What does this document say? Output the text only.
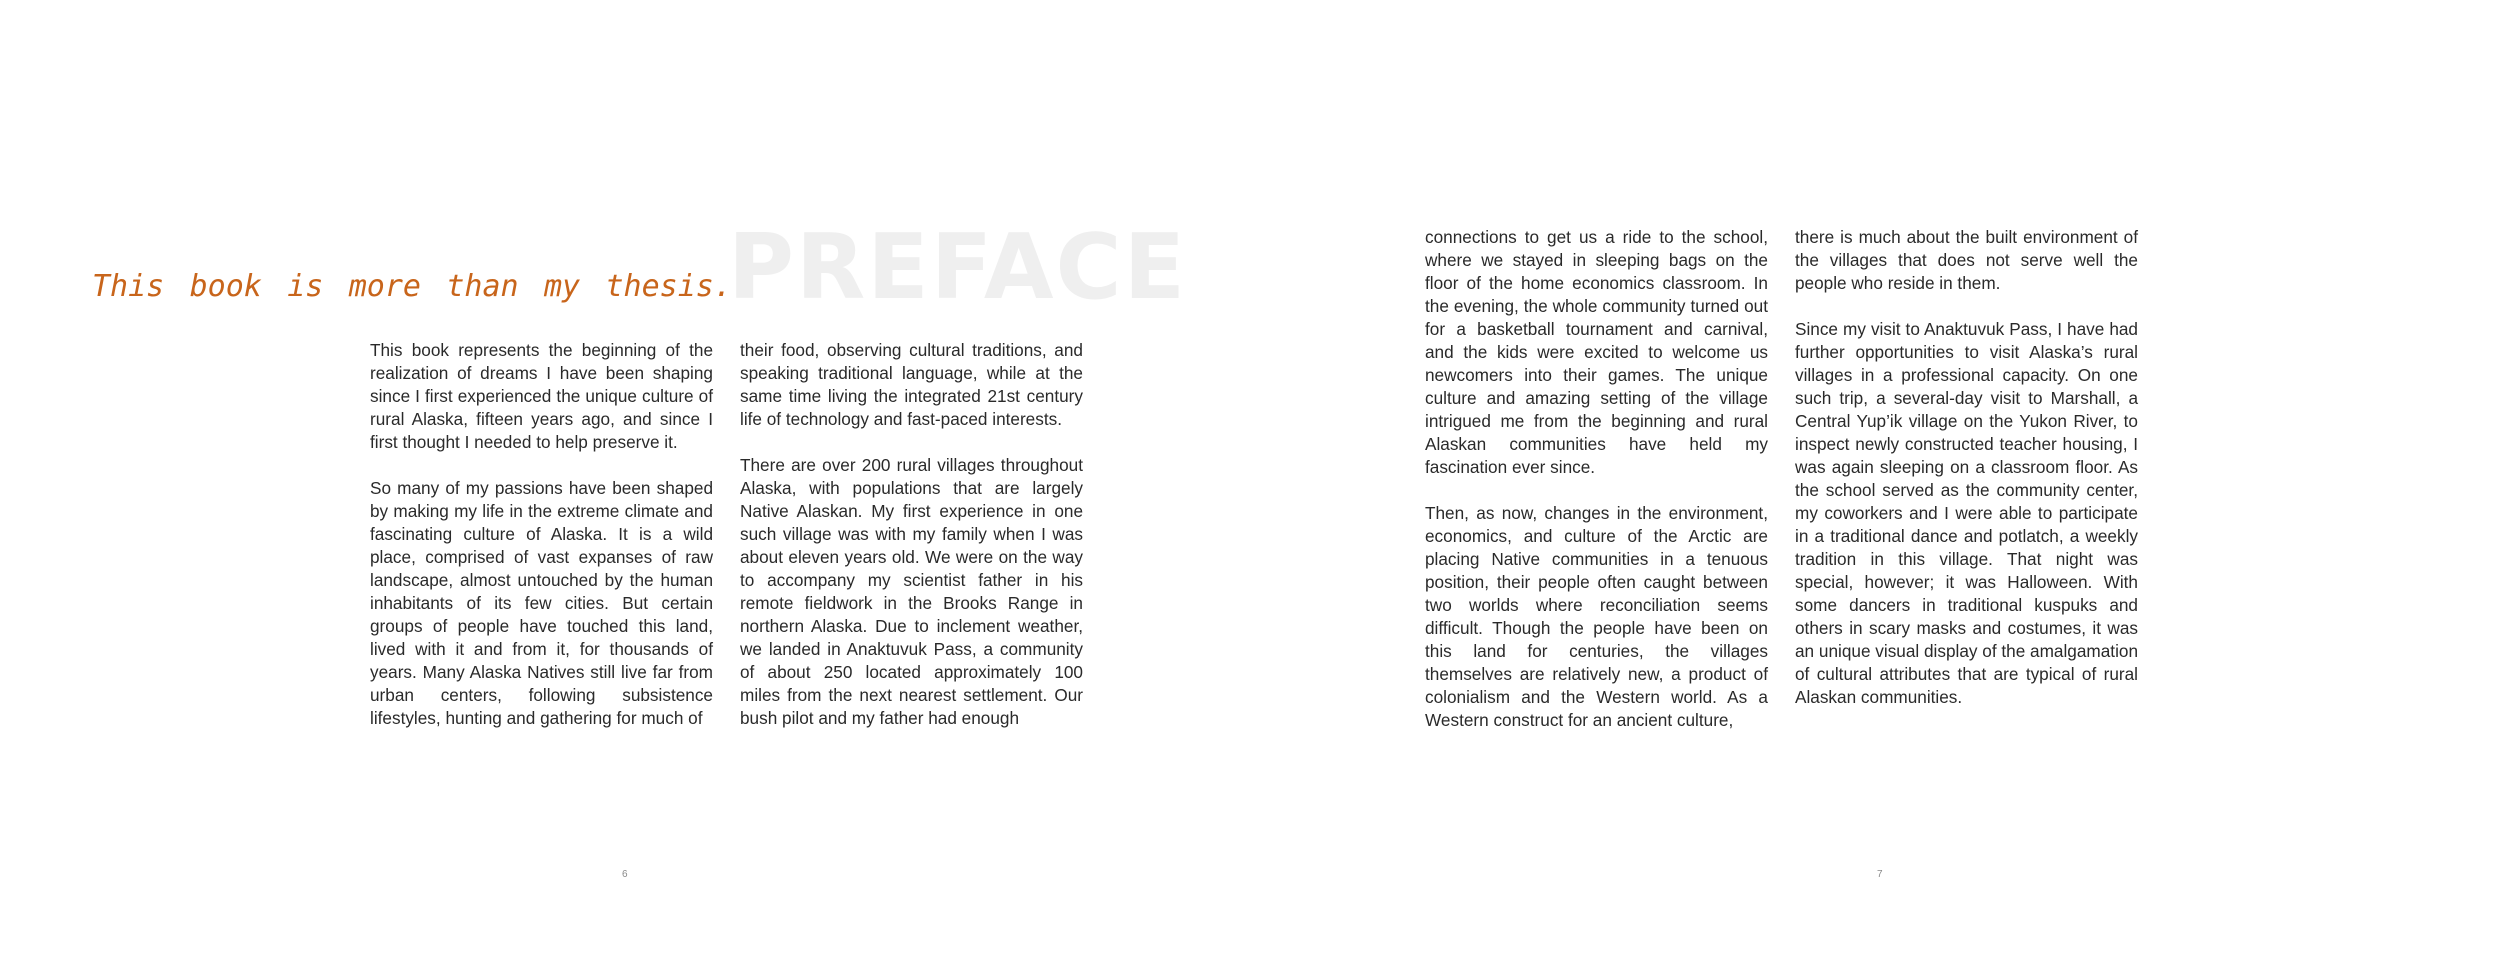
PREFACE
This book is more than my thesis.

This book represents the beginning of the realization of dreams I have been shaping since I first experienced the unique culture of rural Alaska, fifteen years ago, and since I first thought I needed to help preserve it.

So many of my passions have been shaped by making my life in the extreme climate and fascinating culture of Alaska. It is a wild place, comprised of vast expanses of raw landscape, almost untouched by the human inhabitants of its few cities. But certain groups of people have touched this land, lived with it and from it, for thousands of years. Many Alaska Natives still live far from urban centers, following subsistence lifestyles, hunting and gathering for much of

their food, observing cultural traditions, and speaking traditional language, while at the same time living the integrated 21st century life of technology and fast-paced interests.

There are over 200 rural villages throughout Alaska, with populations that are largely Native Alaskan. My first experience in one such village was with my family when I was about eleven years old. We were on the way to accompany my scientist father in his remote fieldwork in the Brooks Range in northern Alaska. Due to inclement weather, we landed in Anaktuvuk Pass, a community of about 250 located approximately 100 miles from the next nearest settlement. Our bush pilot and my father had enough

connections to get us a ride to the school, where we stayed in sleeping bags on the floor of the home economics classroom. In the evening, the whole community turned out for a basketball tournament and carnival, and the kids were excited to welcome us newcomers into their games. The unique culture and amazing setting of the village intrigued me from the beginning and rural Alaskan communities have held my fascination ever since.

Then, as now, changes in the environment, economics, and culture of the Arctic are placing Native communities in a tenuous position, their people often caught between two worlds where reconciliation seems difficult. Though the people have been on this land for centuries, the villages themselves are relatively new, a product of colonialism and the Western world. As a Western construct for an ancient culture,

there is much about the built environment of the villages that does not serve well the people who reside in them.

Since my visit to Anaktuvuk Pass, I have had further opportunities to visit Alaska’s rural villages in a professional capacity. On one such trip, a several-day visit to Marshall, a Central Yup’ik village on the Yukon River, to inspect newly constructed teacher housing, I was again sleeping on a classroom floor. As the school served as the community center, my coworkers and I were able to participate in a traditional dance and potlatch, a weekly tradition in this village. That night was special, however; it was Halloween. With some dancers in traditional kuspuks and others in scary masks and costumes, it was an unique visual display of the amalgamation of cultural attributes that are typical of rural Alaskan communities.

6	7
